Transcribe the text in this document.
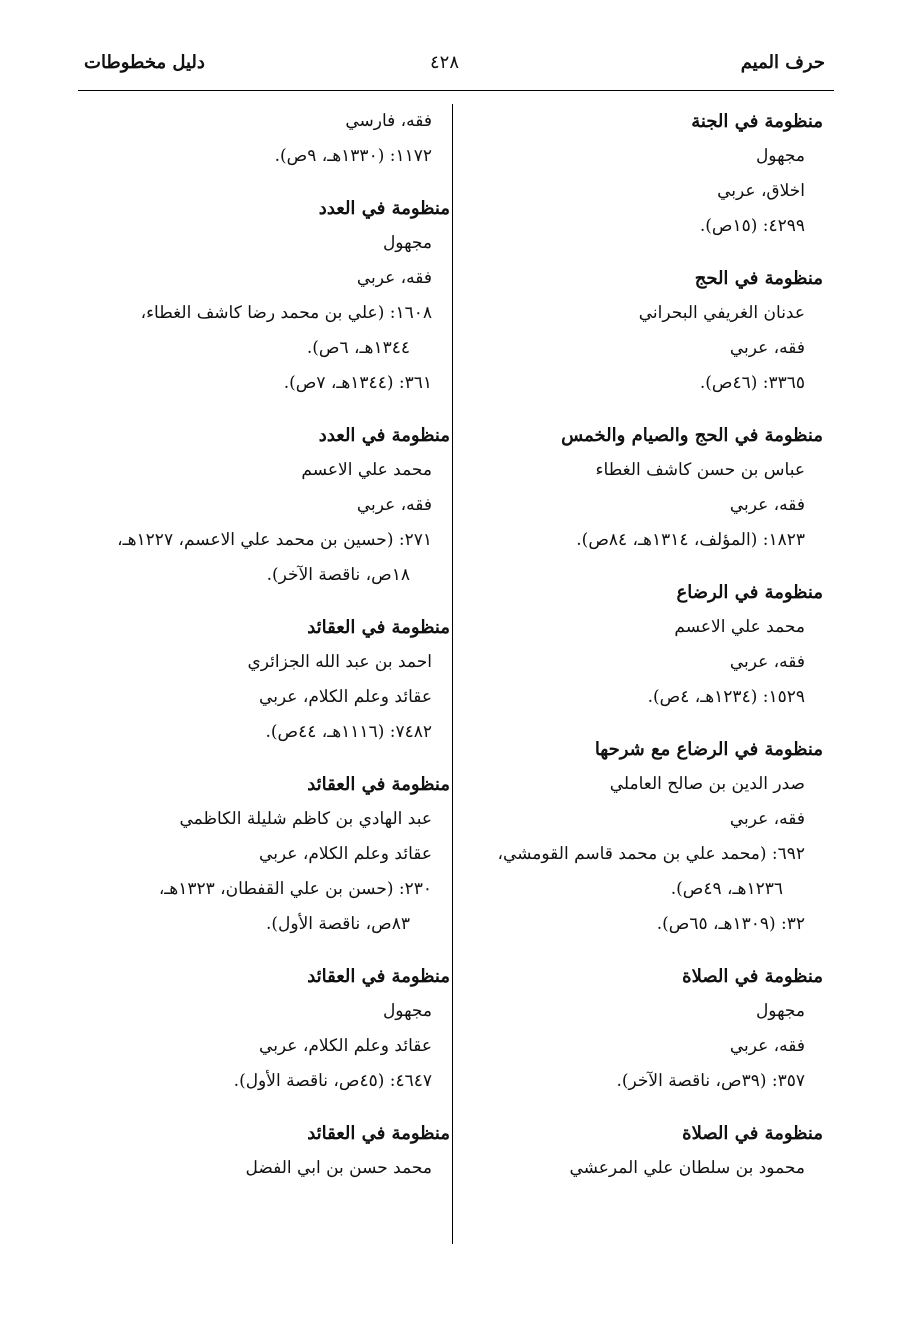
حرف الميم
٤٢٨
دليل مخطوطات
منظومة في الجنة
مجهول
اخلاق، عربي
٤٢٩٩: (١٥ص).
منظومة في الحج
عدنان الغريفي البحراني
فقه، عربي
٣٣٦٥: (٤٦ص).
منظومة في الحج والصيام والخمس
عباس بن حسن كاشف الغطاء
فقه، عربي
١٨٢٣: (المؤلف، ١٣١٤هـ، ٨٤ص).
منظومة في الرضاع
محمد علي الاعسم
فقه، عربي
١٥٢٩: (١٢٣٤هـ، ٤ص).
منظومة في الرضاع مع شرحها
صدر الدين بن صالح العاملي
فقه، عربي
٦٩٢: (محمد علي بن محمد قاسم القومشي،
١٢٣٦هـ، ٤٩ص).
٣٢: (١٣٠٩هـ، ٦٥ص).
منظومة في الصلاة
مجهول
فقه، عربي
٣٥٧: (٣٩ص، ناقصة الآخر).
منظومة في الصلاة
محمود بن سلطان علي المرعشي
فقه، فارسي
١١٧٢: (١٣٣٠هـ، ٩ص).
منظومة في العدد
مجهول
فقه، عربي
١٦٠٨: (علي بن محمد رضا كاشف الغطاء،
١٣٤٤هـ، ٦ص).
٣٦١: (١٣٤٤هـ، ٧ص).
منظومة في العدد
محمد علي الاعسم
فقه، عربي
٢٧١: (حسين بن محمد علي الاعسم، ١٢٢٧هـ،
١٨ص، ناقصة الآخر).
منظومة في العقائد
احمد بن عبد الله الجزائري
عقائد وعلم الكلام، عربي
٧٤٨٢: (١١١٦هـ، ٤٤ص).
منظومة في العقائد
عبد الهادي بن كاظم شليلة الكاظمي
عقائد وعلم الكلام، عربي
٢٣٠: (حسن بن علي القفطان، ١٣٢٣هـ،
٨٣ص، ناقصة الأول).
منظومة في العقائد
مجهول
عقائد وعلم الكلام، عربي
٤٦٤٧: (٤٥ص، ناقصة الأول).
منظومة في العقائد
محمد حسن بن ابي الفضل
